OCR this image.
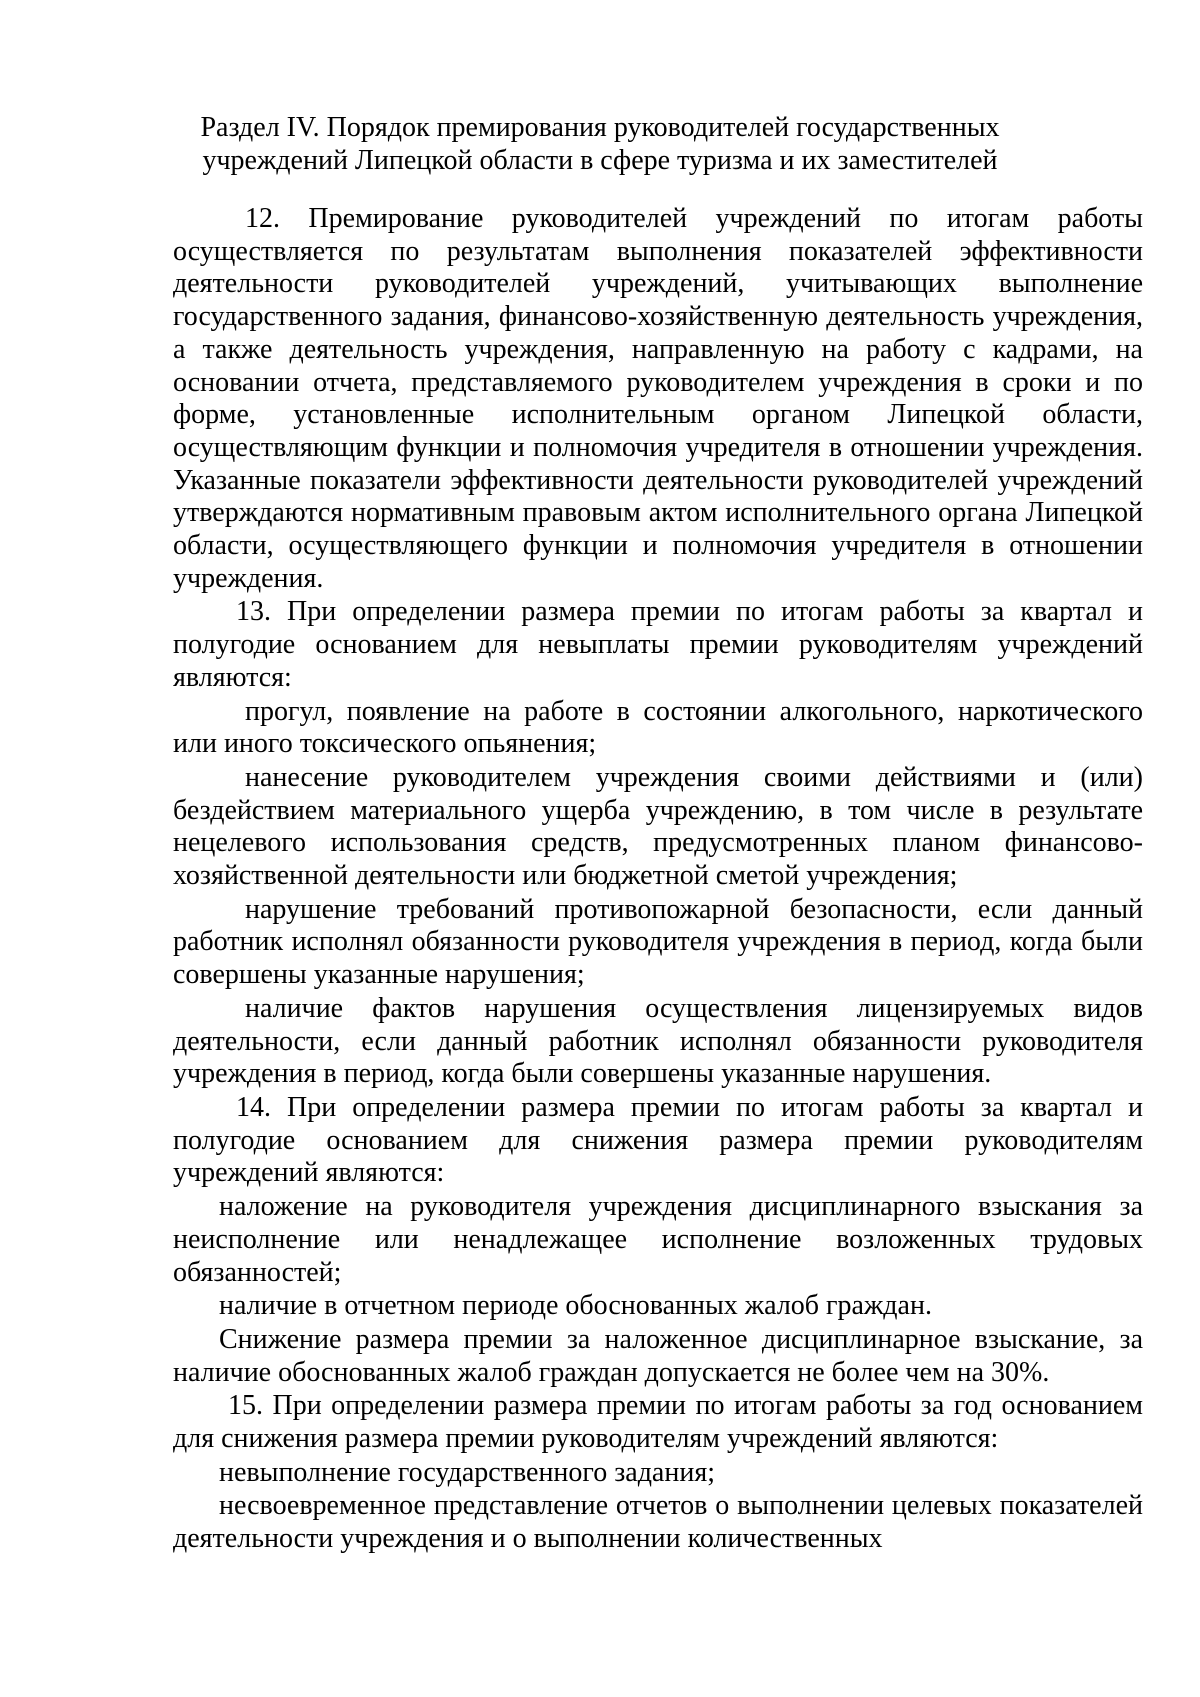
Раздел IV. Порядок премирования руководителей государственных
учреждений Липецкой области в сфере туризма и их заместителей

12. Премирование руководителей учреждений по итогам работы осуществляется по результатам выполнения показателей эффективности деятельности руководителей учреждений, учитывающих выполнение государственного задания, финансово-хозяйственную деятельность учреждения, а также деятельность учреждения, направленную на работу с кадрами, на основании отчета, представляемого руководителем учреждения в сроки и по форме, установленные исполнительным органом Липецкой области, осуществляющим функции и полномочия учредителя в отношении учреждения. Указанные показатели эффективности деятельности руководителей учреждений утверждаются нормативным правовым актом исполнительного органа Липецкой области, осуществляющего функции и полномочия учредителя в отношении учреждения.

13. При определении размера премии по итогам работы за квартал и полугодие основанием для невыплаты премии руководителям учреждений являются:

прогул, появление на работе в состоянии алкогольного, наркотического или иного токсического опьянения;

нанесение руководителем учреждения своими действиями и (или) бездействием материального ущерба учреждению, в том числе в результате нецелевого использования средств, предусмотренных планом финансово-хозяйственной деятельности или бюджетной сметой учреждения;

нарушение требований противопожарной безопасности, если данный работник исполнял обязанности руководителя учреждения в период, когда были совершены указанные нарушения;

наличие фактов нарушения осуществления лицензируемых видов деятельности, если данный работник исполнял обязанности руководителя учреждения в период, когда были совершены указанные нарушения.

14. При определении размера премии по итогам работы за квартал и полугодие основанием для снижения размера премии руководителям учреждений являются:

наложение на руководителя учреждения дисциплинарного взыскания за неисполнение или ненадлежащее исполнение возложенных трудовых обязанностей;

наличие в отчетном периоде обоснованных жалоб граждан.

Снижение размера премии за наложенное дисциплинарное взыскание, за наличие обоснованных жалоб граждан допускается не более чем на 30%.

15. При определении размера премии по итогам работы за год основанием для снижения размера премии руководителям учреждений являются:

невыполнение государственного задания;

несвоевременное представление отчетов о выполнении целевых показателей деятельности учреждения и о выполнении количественных
